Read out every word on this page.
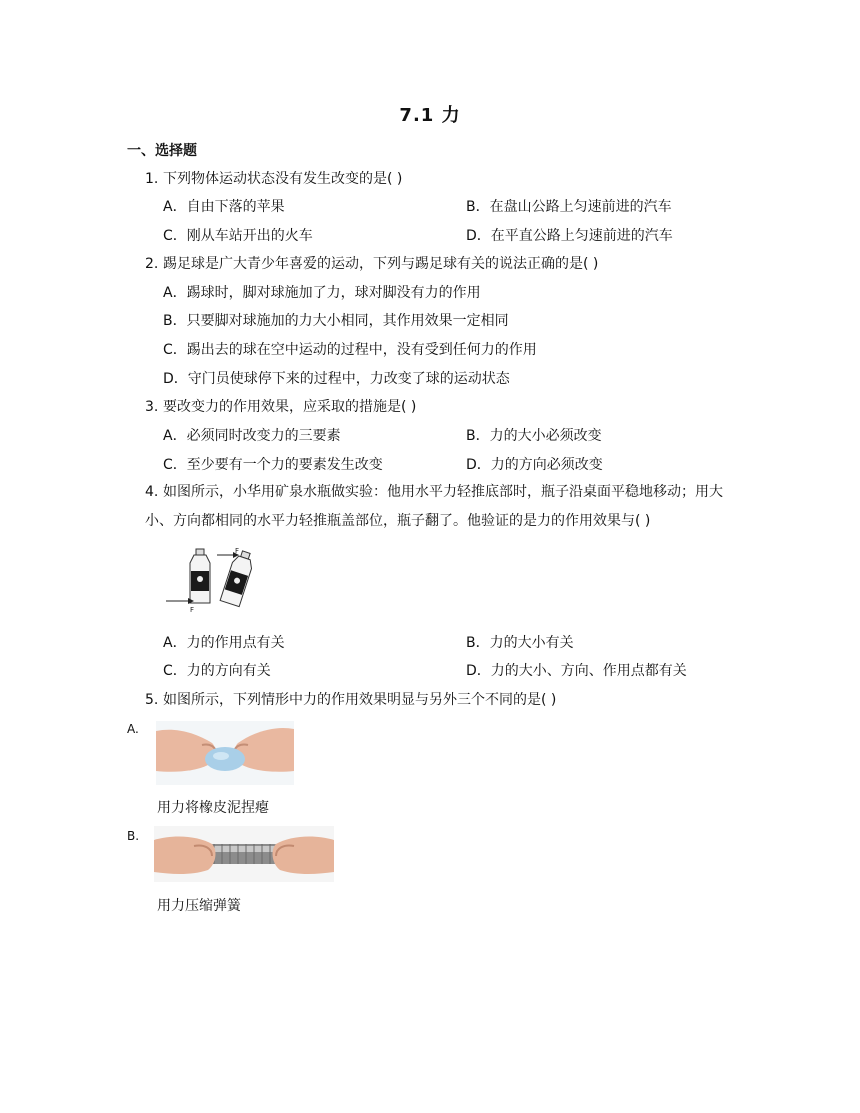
7.1 力
一、选择题
1. 下列物体运动状态没有发生改变的是( )
A．自由下落的苹果	B．在盘山公路上匀速前进的汽车
C．刚从车站开出的火车	D．在平直公路上匀速前进的汽车
2. 踢足球是广大青少年喜爱的运动，下列与踢足球有关的说法正确的是( )
A．踢球时，脚对球施加了力，球对脚没有力的作用
B．只要脚对球施加的力大小相同，其作用效果一定相同
C．踢出去的球在空中运动的过程中，没有受到任何力的作用
D．守门员使球停下来的过程中，力改变了球的运动状态
3. 要改变力的作用效果，应采取的措施是( )
A．必须同时改变力的三要素	B．力的大小必须改变
C．至少要有一个力的要素发生改变	D．力的方向必须改变
4. 如图所示，小华用矿泉水瓶做实验：他用水平力轻推底部时，瓶子沿桌面平稳地移动；用大小、方向都相同的水平力轻推瓶盖部位，瓶子翻了。他验证的是力的作用效果与( )
F
F
A．力的作用点有关	B．力的大小有关
C．力的方向有关	D．力的大小、方向、作用点都有关
5. 如图所示，下列情形中力的作用效果明显与另外三个不同的是( )
A.
用力将橡皮泥捏瘪
B.
用力压缩弹簧
